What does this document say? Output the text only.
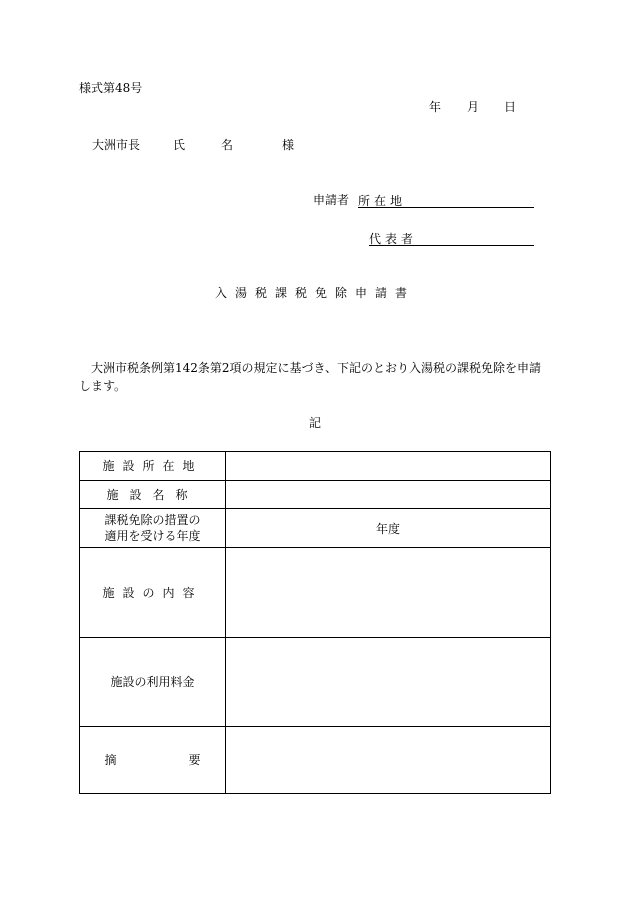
様式第48号
年 月 日
大洲市長	氏	名	様
申請者 所在地
代表者
入湯税課税免除申請書
大洲市税条例第142条第2項の規定に基づき、下記のとおり入湯税の課税免除を申請します。
記
施設所在地	
施設名称	
課税免除の措置の
適用を受ける年度	年度
施設の内容	
施設の利用料金	
摘 要	
